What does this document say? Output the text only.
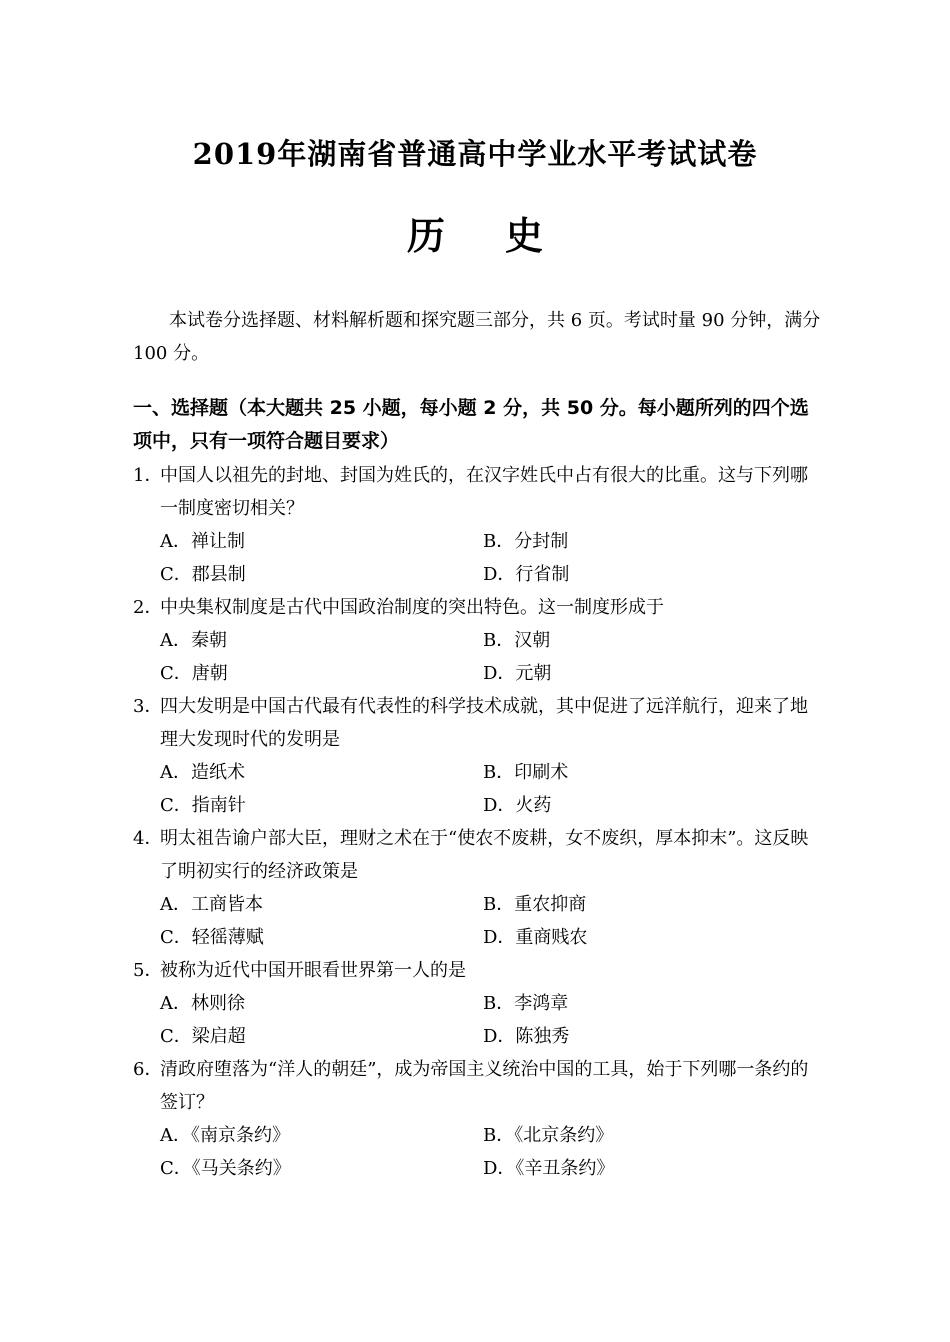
2019年湖南省普通高中学业水平考试试卷
历史
本试卷分选择题、材料解析题和探究题三部分，共 6 页。考试时量 90 分钟，满分 100 分。
一、选择题（本大题共 25 小题，每小题 2 分，共 50 分。每小题所列的四个选项中，只有一项符合题目要求）
1．
中国人以祖先的封地、封国为姓氏的，在汉字姓氏中占有很大的比重。这与下列哪一制度密切相关？
A．禅让制	B．分封制
C．郡县制	D．行省制
2．
中央集权制度是古代中国政治制度的突出特色。这一制度形成于
A．秦朝	B．汉朝
C．唐朝	D．元朝
3．
四大发明是中国古代最有代表性的科学技术成就，其中促进了远洋航行，迎来了地理大发现时代的发明是
A．造纸术	B．印刷术
C．指南针	D．火药
4．
明太祖告谕户部大臣，理财之术在于“使农不废耕，女不废织，厚本抑末”。这反映了明初实行的经济政策是
A．工商皆本	B．重农抑商
C．轻徭薄赋	D．重商贱农
5．
被称为近代中国开眼看世界第一人的是
A．林则徐	B．李鸿章
C．梁启超	D．陈独秀
6．
清政府堕落为“洋人的朝廷”，成为帝国主义统治中国的工具，始于下列哪一条约的签订？
A．《南京条约》	B．《北京条约》
C．《马关条约》	D．《辛丑条约》
